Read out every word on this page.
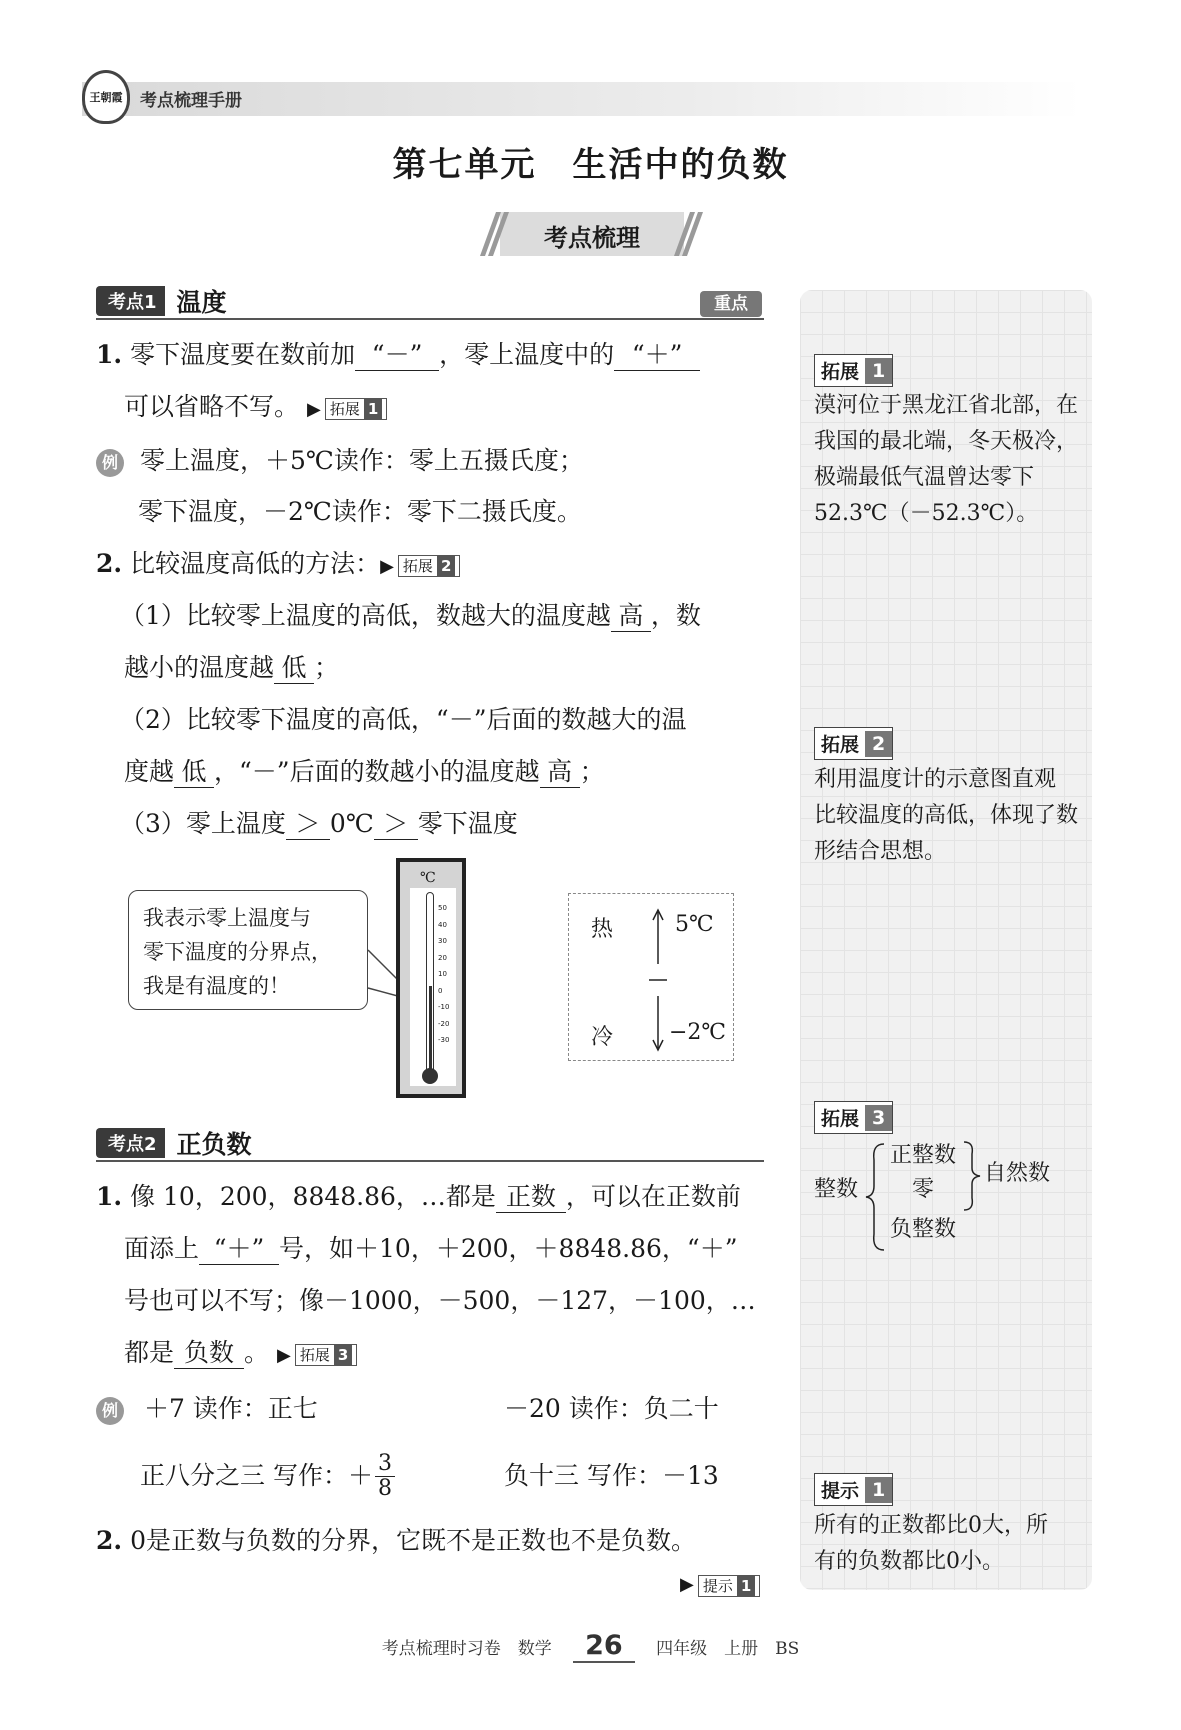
王朝霞 考点梳理手册
第七单元　生活中的负数
考点梳理
考点1 温度	重点
1. 零下温度要在数前加 “－” ，零上温度中的 “＋”
可以省略不写。 ▶ 拓展 1
例 零上温度，＋5℃读作：零上五摄氏度；
零下温度，－2℃读作：零下二摄氏度。
2. 比较温度高低的方法：▶ 拓展 2
（1）比较零上温度的高低，数越大的温度越 高 ，数
越小的温度越 低 ；
（2）比较零下温度的高低，“－”后面的数越大的温
度越 低 ，“－”后面的数越小的温度越 高 ；
（3）零上温度 ＞ 0℃ ＞ 零下温度
我表示零上温度与
零下温度的分界点，
我是有温度的！
℃
50
40
30
20
10
0
-10
-20
-30
热
冷
5℃
−2℃
考点2 正负数
1. 像 10，200，8848.86，…都是 正数 ，可以在正数前
面添上 “＋” 号，如＋10，＋200，＋8848.86，“＋”
号也可以不写；像－1000，－500，－127，－100，…
都是 负数 。 ▶ 拓展 3
例 ＋7 读作：正七	－20 读作：负二十
正八分之三 写作：＋ $\frac{3}{8}$	负十三 写作：－13
2. 0是正数与负数的分界，它既不是正数也不是负数。
▶ 提示 1
拓展 1
漠河位于黑龙江省北部，在
我国的最北端，冬天极冷，
极端最低气温曾达零下
52.3℃（－52.3℃）。
拓展 2
利用温度计的示意图直观
比较温度的高低，体现了数
形结合思想。
拓展 3
整数
正整数
零
负整数
自然数
提示 1
所有的正数都比0大，所
有的负数都比0小。
考点梳理时习卷　数学 26 四年级　上册　BS
